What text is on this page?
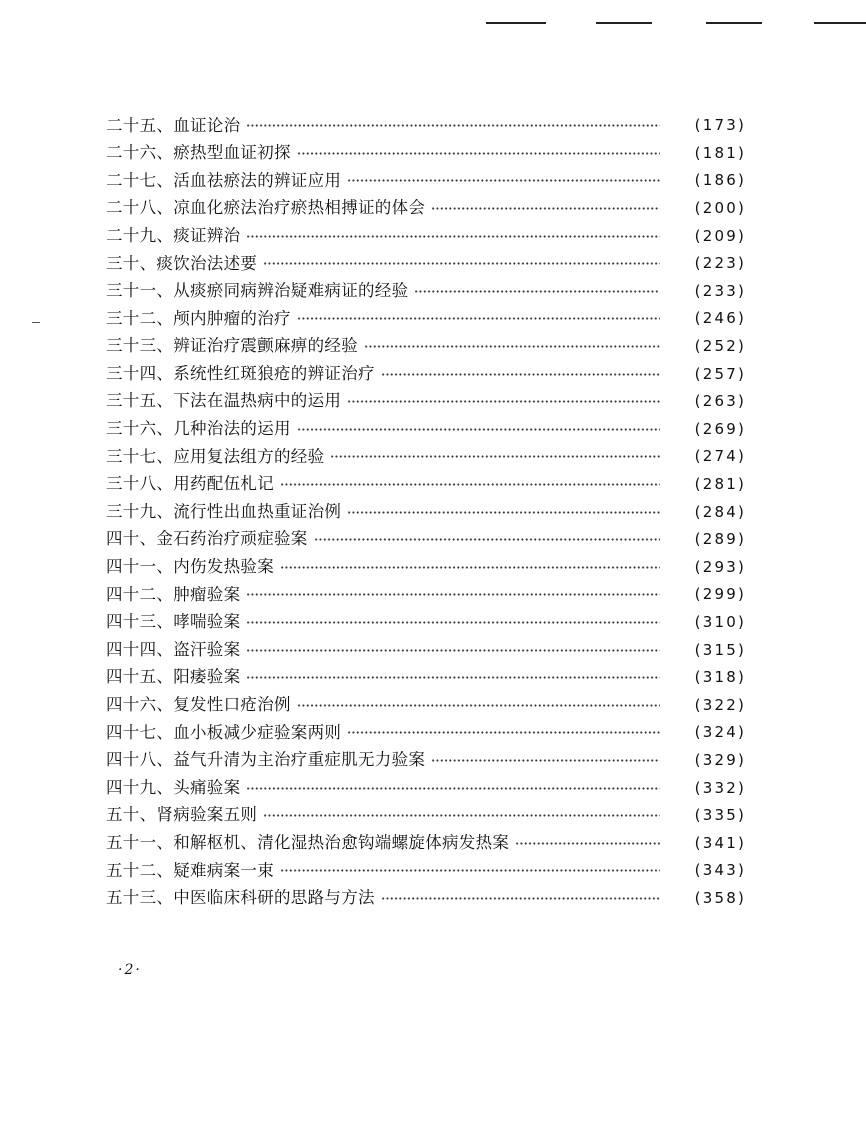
二十五、血证论治	(173)
二十六、瘀热型血证初探	(181)
二十七、活血祛瘀法的辨证应用	(186)
二十八、凉血化瘀法治疗瘀热相搏证的体会	(200)
二十九、痰证辨治	(209)
三十、痰饮治法述要	(223)
三十一、从痰瘀同病辨治疑难病证的经验	(233)
三十二、颅内肿瘤的治疗	(246)
三十三、辨证治疗震颤麻痹的经验	(252)
三十四、系统性红斑狼疮的辨证治疗	(257)
三十五、下法在温热病中的运用	(263)
三十六、几种治法的运用	(269)
三十七、应用复法组方的经验	(274)
三十八、用药配伍札记	(281)
三十九、流行性出血热重证治例	(284)
四十、金石药治疗顽症验案	(289)
四十一、内伤发热验案	(293)
四十二、肿瘤验案	(299)
四十三、哮喘验案	(310)
四十四、盗汗验案	(315)
四十五、阳痿验案	(318)
四十六、复发性口疮治例	(322)
四十七、血小板减少症验案两则	(324)
四十八、益气升清为主治疗重症肌无力验案	(329)
四十九、头痛验案	(332)
五十、肾病验案五则	(335)
五十一、和解枢机、清化湿热治愈钩端螺旋体病发热案	(341)
五十二、疑难病案一束	(343)
五十三、中医临床科研的思路与方法	(358)
·2·
